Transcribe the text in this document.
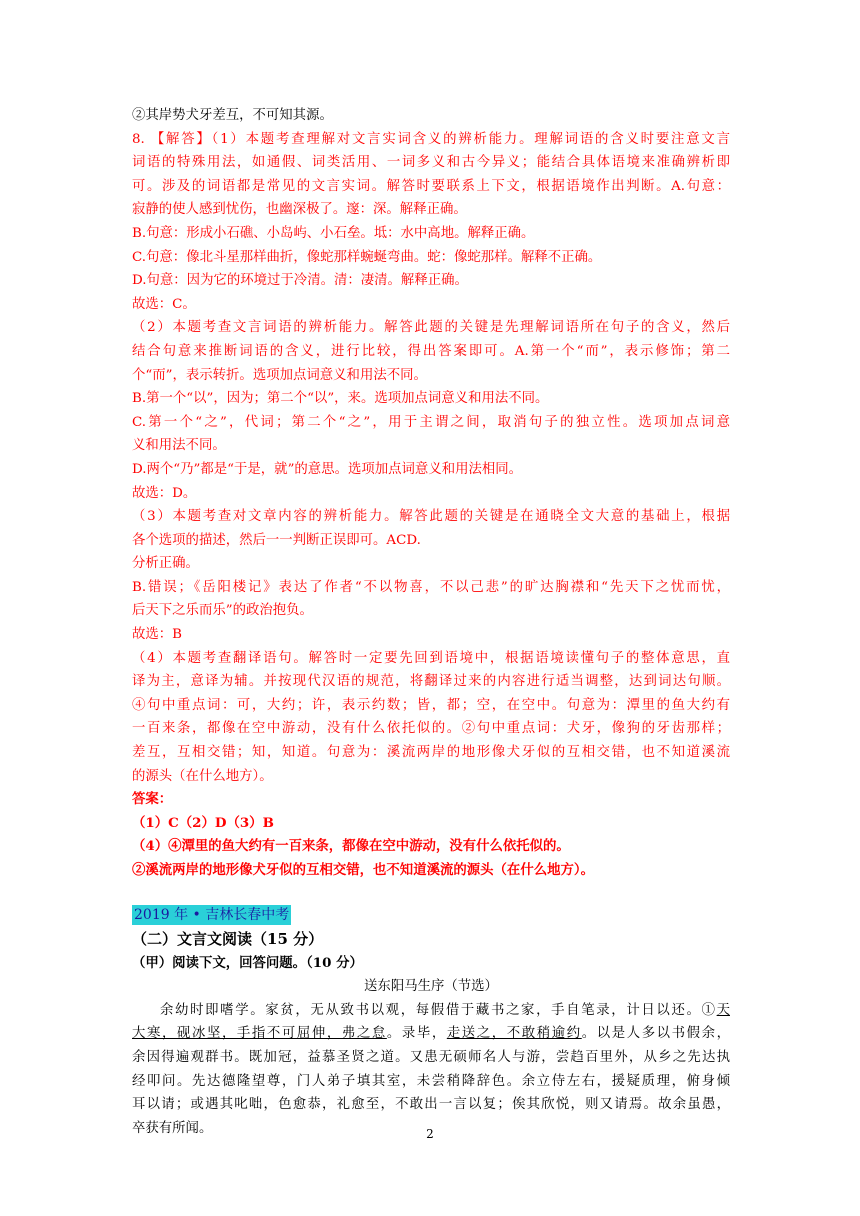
②其岸势犬牙差互，不可知其源。
8. 【解答】（1）本题考查理解对文言实词含义的辨析能力。理解词语的含义时要注意文言
词语的特殊用法，如通假、词类活用、一词多义和古今异义；能结合具体语境来准确辨析即
可。涉及的词语都是常见的文言实词。解答时要联系上下文，根据语境作出判断。A.句意：
寂静的使人感到忧伤，也幽深极了。邃：深。解释正确。
B.句意：形成小石礁、小岛屿、小石垒。坻：水中高地。解释正确。
C.句意：像北斗星那样曲折，像蛇那样蜿蜒弯曲。蛇：像蛇那样。解释不正确。
D.句意：因为它的环境过于冷清。清：凄清。解释正确。
故选：C。
（2）本题考查文言词语的辨析能力。解答此题的关键是先理解词语所在句子的含义，然后
结合句意来推断词语的含义，进行比较，得出答案即可。A.第一个“而”，表示修饰；第二
个“而”，表示转折。选项加点词意义和用法不同。
B.第一个“以”，因为；第二个“以”，来。选项加点词意义和用法不同。
C.第一个“之”，代词；第二个“之”，用于主谓之间，取消句子的独立性。选项加点词意
义和用法不同。
D.两个“乃”都是“于是，就”的意思。选项加点词意义和用法相同。
故选：D。
（3）本题考查对文章内容的辨析能力。解答此题的关键是在通晓全文大意的基础上，根据
各个选项的描述，然后一一判断正误即可。ACD.
分析正确。
B.错误；《岳阳楼记》表达了作者“不以物喜，不以己悲”的旷达胸襟和“先天下之忧而忧，
后天下之乐而乐”的政治抱负。
故选：B
（4）本题考查翻译语句。解答时一定要先回到语境中，根据语境读懂句子的整体意思，直
译为主，意译为辅。并按现代汉语的规范，将翻译过来的内容进行适当调整，达到词达句顺。
④句中重点词：可，大约；许，表示约数；皆，都；空，在空中。句意为：潭里的鱼大约有
一百来条，都像在空中游动，没有什么依托似的。②句中重点词：犬牙，像狗的牙齿那样；
差互，互相交错；知，知道。句意为：溪流两岸的地形像犬牙似的互相交错，也不知道溪流
的源头（在什么地方）。
答案：
（1）C（2）D（3）B
（4）④潭里的鱼大约有一百来条，都像在空中游动，没有什么依托似的。
②溪流两岸的地形像犬牙似的互相交错，也不知道溪流的源头（在什么地方）。
2019 年 • 吉林长春中考
（二）文言文阅读（15 分）
（甲）阅读下文，回答问题。（10 分）
送东阳马生序（节选）
余幼时即嗜学。家贫，无从致书以观，每假借于藏书之家，手自笔录，计日以还。①天
大寒，砚冰坚，手指不可屈伸，弗之怠。录毕，走送之，不敢稍逾约。以是人多以书假余，
余因得遍观群书。既加冠，益慕圣贤之道。又患无硕师名人与游，尝趋百里外，从乡之先达执
经叩问。先达德隆望尊，门人弟子填其室，未尝稍降辞色。余立侍左右，援疑质理，俯身倾
耳以请；或遇其叱咄，色愈恭，礼愈至，不敢出一言以复；俟其欣悦，则又请焉。故余虽愚，
卒获有所闻。	2
